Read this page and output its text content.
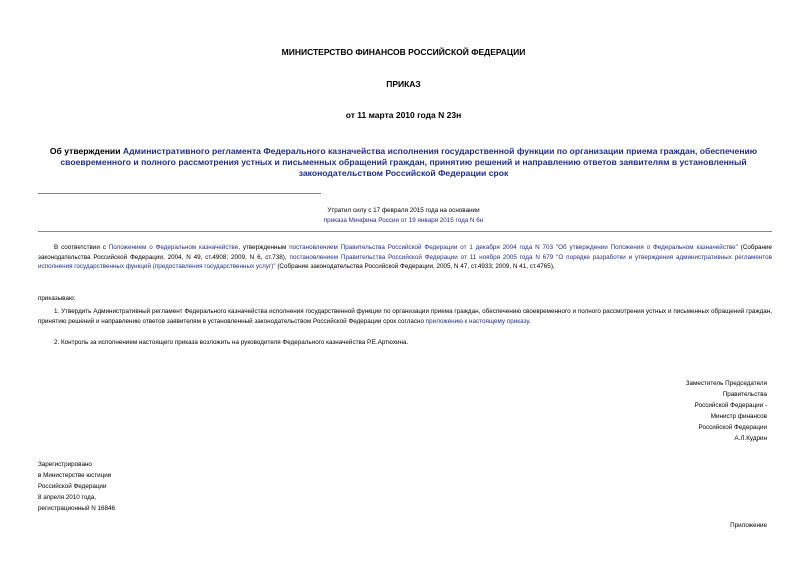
МИНИСТЕРСТВО ФИНАНСОВ РОССИЙСКОЙ ФЕДЕРАЦИИ
ПРИКАЗ
от 11 марта 2010 года N 23н
Об утверждении Административного регламента Федерального казначейства исполнения государственной функции по организации приема граждан, обеспечению своевременного и полного рассмотрения устных и письменных обращений граждан, принятию решений и направлению ответов заявителям в установленный законодательством Российской Федерации срок
Утратил силу с 17 февраля 2015 года на основании
приказа Минфина России от 19 января 2015 года N 6н
В соответствии с Положением о Федеральном казначействе, утвержденным постановлением Правительства Российской Федерации от 1 декабря 2004 года N 703 "Об утверждении Положения о Федеральном казначействе" (Собрание законодательства Российской Федерации, 2004, N 49, ст.4908; 2009, N 6, ст.738), постановлением Правительства Российской Федерации от 11 ноября 2005 года N 679 "О порядке разработки и утверждения административных регламентов исполнения государственных функций (предоставления государственных услуг)" (Собрание законодательства Российской Федерации, 2005, N 47, ст.4933; 2009, N 41, ст.4765),
приказываю:
1. Утвердить Административный регламент Федерального казначейства исполнения государственной функции по организации приема граждан, обеспечению своевременного и полного рассмотрения устных и письменных обращений граждан, принятию решений и направлению ответов заявителям в установленный законодательством Российской Федерации срок согласно приложению к настоящему приказу.
2. Контроль за исполнением настоящего приказа возложить на руководителя Федерального казначейства Р.Е.Артюхина.
Заместитель Председателя
Правительства
Российской Федерации -
Министр финансов
Российской Федерации
А.Л.Кудрин
Зарегистрировано
в Министерстве юстиции
Российской Федерации
8 апреля 2010 года,
регистрационный N 16846
Приложение
